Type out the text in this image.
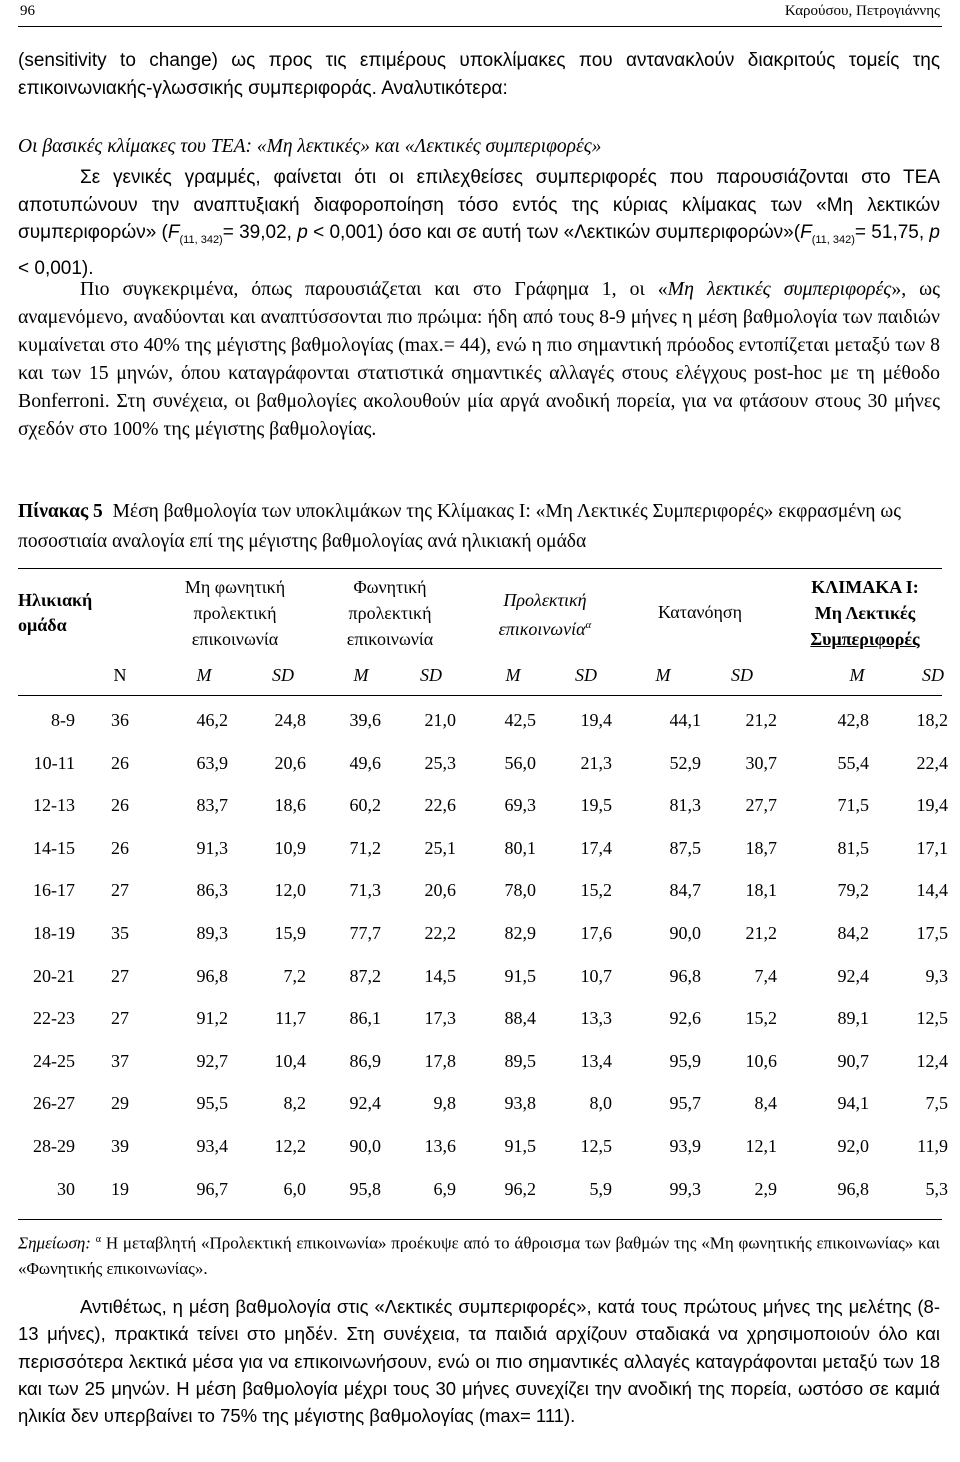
96	Καρούσου, Πετρογιάννης

(sensitivity to change) ως προς τις επιμέρους υποκλίμακες που αντανακλούν διακριτούς τομείς της επικοινωνιακής-γλωσσικής συμπεριφοράς. Αναλυτικότερα:

Οι βασικές κλίμακες του ΤΕΑ: «Μη λεκτικές» και «Λεκτικές συμπεριφορές»

Σε γενικές γραμμές, φαίνεται ότι οι επιλεχθείσες συμπεριφορές που παρουσιάζονται στο ΤΕΑ αποτυπώνουν την αναπτυξιακή διαφοροποίηση τόσο εντός της κύριας κλίμακας των «Μη λεκτικών συμπεριφορών» ($F_{(11, 342)}= 39,02$, p < 0,001) όσο και σε αυτή των «Λεκτικών $\sigma\upsilon\mu\pi\varepsilon\rho\iota\varphi o\rho ώ\nu»(F_{(11, 342)}= 51,75$, p < 0,001).

Πιο συγκεκριμένα, όπως παρουσιάζεται και στο Γράφημα 1, οι «Μη λεκτικές συμπεριφορές», ως αναμενόμενο, αναδύονται και αναπτύσσονται πιο πρώιμα: ήδη από τους 8-9 μήνες η μέση βαθμολογία των παιδιών κυμαίνεται στο 40% της μέγιστης βαθμολογίας (max.= 44), ενώ η πιο σημαντική πρόοδος εντοπίζεται μεταξύ των 8 και των 15 μηνών, όπου καταγράφονται στατιστικά σημαντικές αλλαγές στους ελέγχους post-hoc με τη μέθοδο Bonferroni. Στη συνέχεια, οι βαθμολογίες ακολουθούν μία αργά ανοδική πορεία, για να φτάσουν στους 30 μήνες σχεδόν στο 100% της μέγιστης βαθμολογίας.

Πίνακας 5 Μέση βαθμολογία των υποκλιμάκων της Κλίμακας Ι: «Μη Λεκτικές Συμπεριφορές» εκφρασμένη ως ποσοστιαία αναλογία επί της μέγιστης βαθμολογίας ανά ηλικιακή ομάδα

Ηλικιακή
ομάδα
Μη φωνητική
προλεκτική
επικοινωνία
Φωνητική
προλεκτική
επικοινωνία
Προλεκτική
επικοινωνία$^\alpha$
Κατανόηση
ΚΛΙΜΑΚΑ Ι:
Μη Λεκτικές
Συμπεριφορές
N	M	SD	M	SD	M	SD	M	SD	M	SD
8-9	36	46,2	24,8	39,6	21,0	42,5	19,4	44,1	21,2	42,8	18,2
10-11	26	63,9	20,6	49,6	25,3	56,0	21,3	52,9	30,7	55,4	22,4
12-13	26	83,7	18,6	60,2	22,6	69,3	19,5	81,3	27,7	71,5	19,4
14-15	26	91,3	10,9	71,2	25,1	80,1	17,4	87,5	18,7	81,5	17,1
16-17	27	86,3	12,0	71,3	20,6	78,0	15,2	84,7	18,1	79,2	14,4
18-19	35	89,3	15,9	77,7	22,2	82,9	17,6	90,0	21,2	84,2	17,5
20-21	27	96,8	7,2	87,2	14,5	91,5	10,7	96,8	7,4	92,4	9,3
22-23	27	91,2	11,7	86,1	17,3	88,4	13,3	92,6	15,2	89,1	12,5
24-25	37	92,7	10,4	86,9	17,8	89,5	13,4	95,9	10,6	90,7	12,4
26-27	29	95,5	8,2	92,4	9,8	93,8	8,0	95,7	8,4	94,1	7,5
28-29	39	93,4	12,2	90,0	13,6	91,5	12,5	93,9	12,1	92,0	11,9
30	19	96,7	6,0	95,8	6,9	96,2	5,9	99,3	2,9	96,8	5,3

Σημείωση: $^\alpha$ Η μεταβλητή «Προλεκτική επικοινωνία» προέκυψε από το άθροισμα των βαθμών της «Μη φωνητικής επικοινωνίας» και «Φωνητικής επικοινωνίας».

Αντιθέτως, η μέση βαθμολογία στις «Λεκτικές συμπεριφορές», κατά τους πρώτους μήνες της μελέτης (8-13 μήνες), πρακτικά τείνει στο μηδέν. Στη συνέχεια, τα παιδιά αρχίζουν σταδιακά να χρησιμοποιούν όλο και περισσότερα λεκτικά μέσα για να επικοινωνήσουν, ενώ οι πιο σημαντικές αλλαγές καταγράφονται μεταξύ των 18 και των 25 μηνών. Η μέση βαθμολογία μέχρι τους 30 μήνες συνεχίζει την ανοδική της πορεία, ωστόσο σε καμιά ηλικία δεν υπερβαίνει το 75% της μέγιστης βαθμολογίας (max= 111).
